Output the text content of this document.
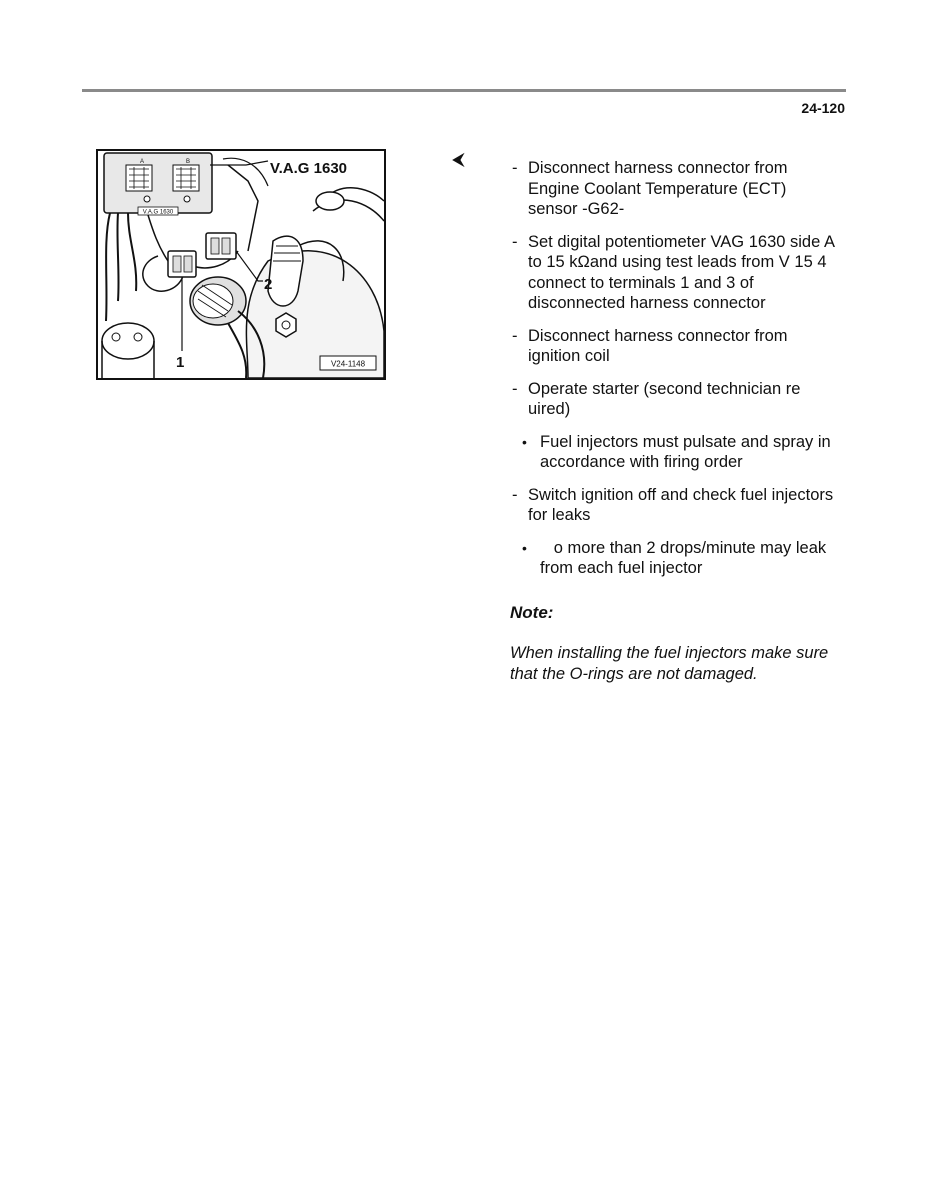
24-120
A	B
V.A.G 1630
V.A.G 1630
1
2
V24-1148
⮜	- Disconnect harness connector from Engine Coolant Temperature (ECT) sensor -G62-
- Set digital potentiometer VAG 1630 side A to 15 kΩand using test leads from V 15 4 connect to terminals 1 and 3 of disconnected harness connector
- Disconnect harness connector from ignition coil
- Operate starter (second technician re uired)
• Fuel injectors must pulsate and spray in accordance with firing order
- Switch ignition off and check fuel injectors for leaks
• o more than 2 drops/minute may leak from each fuel injector
Note:
When installing the fuel injectors make sure that the O-rings are not damaged.
